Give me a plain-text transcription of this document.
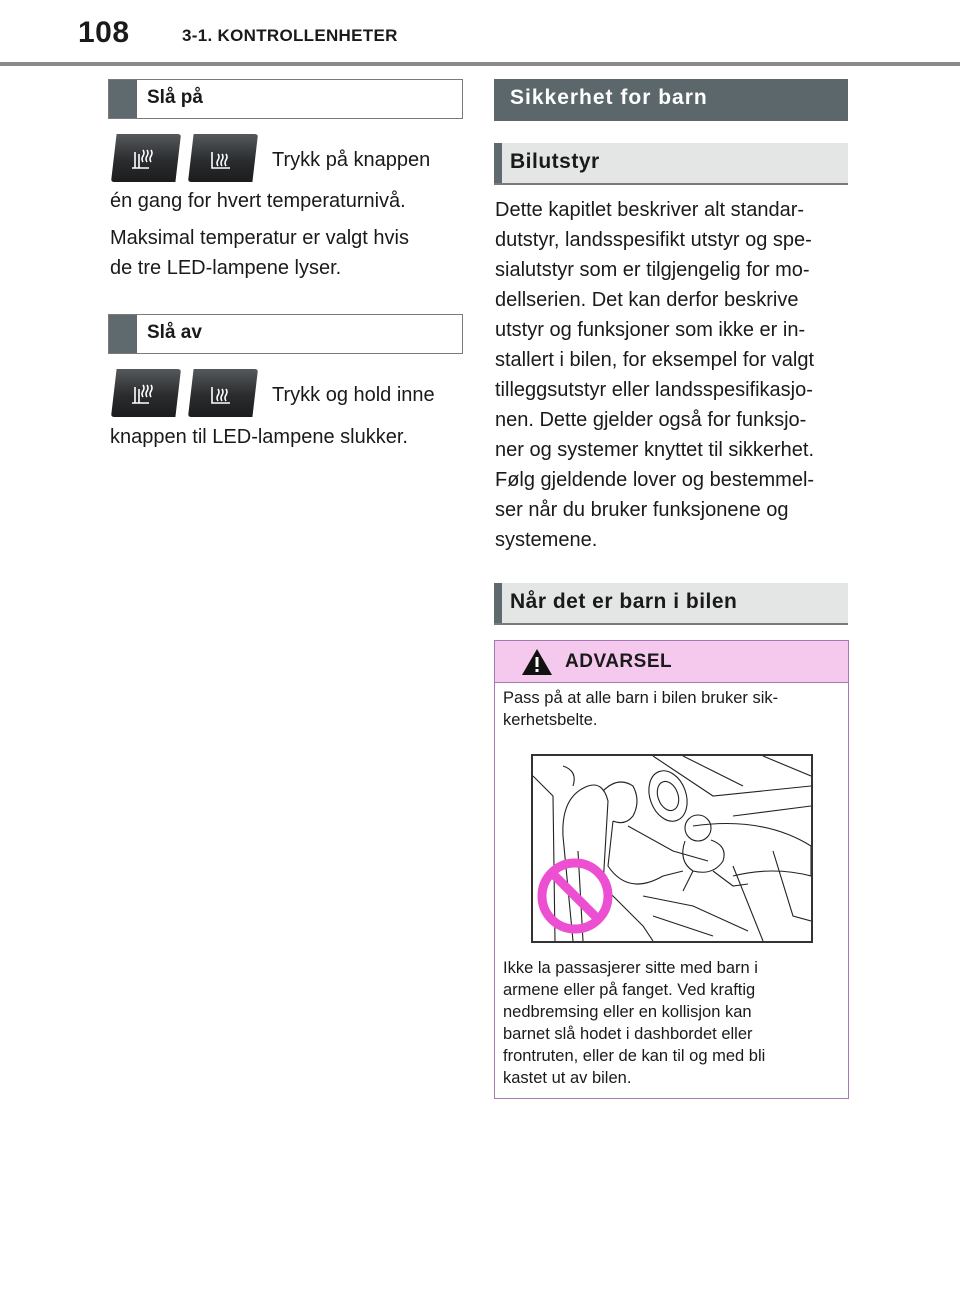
108	3-1. KONTROLLENHETER
Slå på
Trykk på knappen
én gang for hvert temperaturnivå.
Maksimal temperatur er valgt hvis
de tre LED-lampene lyser.
Slå av
Trykk og hold inne
knappen til LED-lampene slukker.
Sikkerhet for barn
Bilutstyr
Dette kapitlet beskriver alt standar-
dutstyr, landsspesifikt utstyr og spe-
sialutstyr som er tilgjengelig for mo-
dellserien. Det kan derfor beskrive
utstyr og funksjoner som ikke er in-
stallert i bilen, for eksempel for valgt
tilleggsutstyr eller landsspesifikasjo-
nen. Dette gjelder også for funksjo-
ner og systemer knyttet til sikkerhet.
Følg gjeldende lover og bestemmel-
ser når du bruker funksjonene og
systemene.
Når det er barn i bilen
ADVARSEL
Pass på at alle barn i bilen bruker sik-
kerhetsbelte.
Ikke la passasjerer sitte med barn i
armene eller på fanget. Ved kraftig
nedbremsing eller en kollisjon kan
barnet slå hodet i dashbordet eller
frontruten, eller de kan til og med bli
kastet ut av bilen.
